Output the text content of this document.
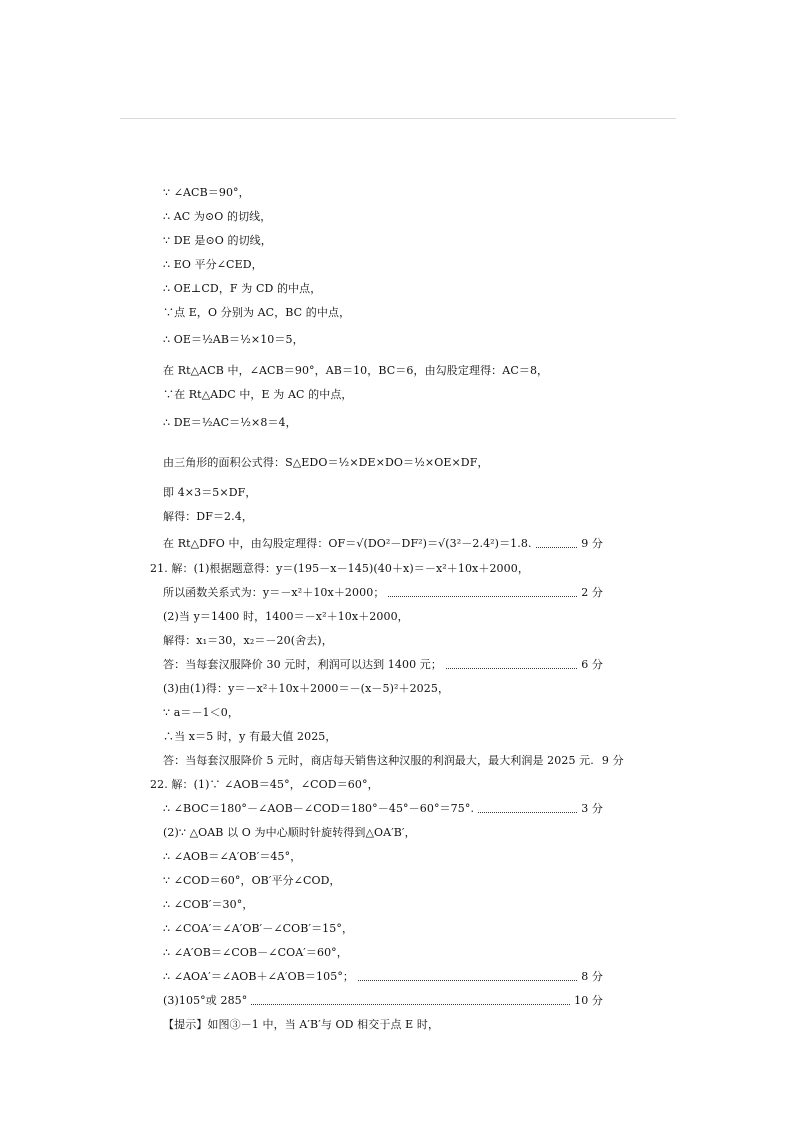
∵ ∠ACB＝90°，
∴ AC 为⊙O 的切线，
∵ DE 是⊙O 的切线，
∴ EO 平分∠CED，
∴ OE⊥CD，F 为 CD 的中点，
∵点 E，O 分别为 AC，BC 的中点，
∴ OE＝½AB＝½×10＝5，
在 Rt△ACB 中，∠ACB＝90°，AB＝10，BC＝6，由勾股定理得：AC＝8，
∵在 Rt△ADC 中，E 为 AC 的中点，
∴ DE＝½AC＝½×8＝4，
由三角形的面积公式得：S△EDO＝½×DE×DO＝½×OE×DF，
即 4×3＝5×DF，
解得：DF＝2.4，
在 Rt△DFO 中，由勾股定理得：OF＝√(DO²－DF²)＝√(3²－2.4²)＝1.8.	9 分
21. 解：(1)根据题意得：y＝(195－x－145)(40＋x)＝－x²＋10x＋2000，
所以函数关系式为：y＝－x²＋10x＋2000；	2 分
(2)当 y＝1400 时，1400＝－x²＋10x＋2000，
解得：x₁＝30，x₂＝－20(舍去)，
答：当每套汉服降价 30 元时，利润可以达到 1400 元；	6 分
(3)由(1)得：y＝－x²＋10x＋2000＝－(x－5)²＋2025，
∵ a＝－1＜0，
∴当 x＝5 时，y 有最大值 2025，
答：当每套汉服降价 5 元时，商店每天销售这种汉服的利润最大，最大利润是 2025 元. 9 分
22. 解：(1)∵ ∠AOB＝45°，∠COD＝60°，
∴ ∠BOC＝180°－∠AOB－∠COD＝180°－45°－60°＝75°.	3 分
(2)∵ △OAB 以 O 为中心顺时针旋转得到△OA′B′，
∴ ∠AOB＝∠A′OB′＝45°，
∵ ∠COD＝60°，OB′平分∠COD，
∴ ∠COB′＝30°，
∴ ∠COA′＝∠A′OB′－∠COB′＝15°，
∴ ∠A′OB＝∠COB－∠COA′＝60°，
∴ ∠AOA′＝∠AOB＋∠A′OB＝105°；	8 分
(3)105°或 285°	10 分
【提示】如图③－1 中，当 A′B′与 OD 相交于点 E 时，
